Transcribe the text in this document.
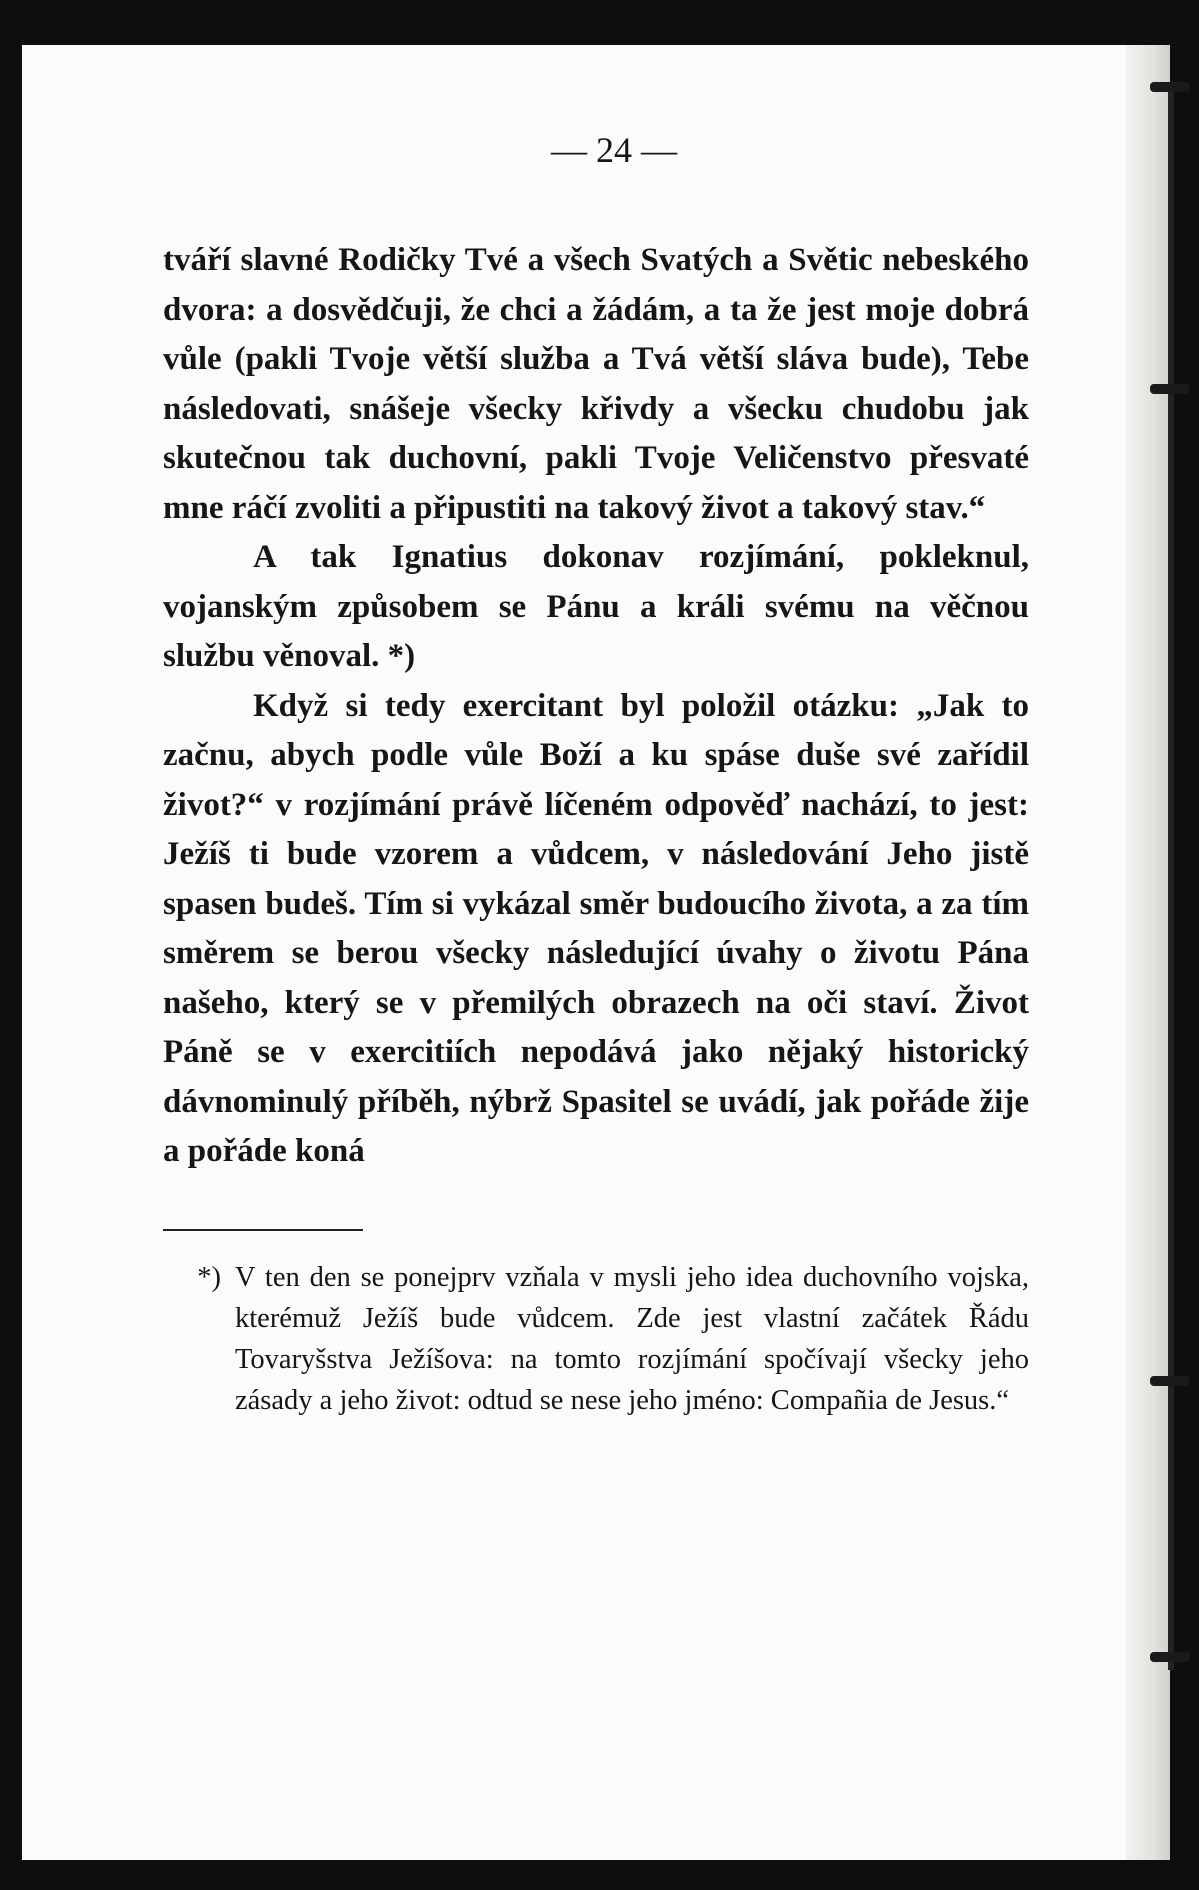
— 24 —

tváří slavné Rodičky Tvé a všech Svatých a Světic nebeského dvora: a dosvědčuji, že chci a žádám, a ta že jest moje dobrá vůle (pakli Tvoje větší služba a Tvá větší sláva bude), Tebe následovati, snášeje všecky křivdy a všecku chudobu jak skutečnou tak duchovní, pakli Tvoje Veličenstvo přesvaté mne ráčí zvoliti a připustiti na takový život a takový stav.“

A tak Ignatius dokonav rozjímání, pokleknul, vojanským způsobem se Pánu a králi svému na věčnou službu věnoval. *)

Když si tedy exercitant byl položil otázku: „Jak to začnu, abych podle vůle Boží a ku spáse duše své zařídil život?“ v rozjímání právě líčeném odpověď nachází, to jest: Ježíš ti bude vzorem a vůdcem, v následování Jeho jistě spasen budeš. Tím si vykázal směr budoucího života, a za tím směrem se berou všecky následující úvahy o životu Pána našeho, který se v přemilých obrazech na oči staví. Život Páně se v exercitiích nepodává jako nějaký historický dávnominulý příběh, nýbrž Spasitel se uvádí, jak pořáde žije a pořáde koná

*) V ten den se ponejprv vzňala v mysli jeho idea duchovního vojska, kterémuž Ježíš bude vůdcem. Zde jest vlastní začátek Řádu Tovaryšstva Ježíšova: na tomto rozjímání spočívají všecky jeho zásady a jeho život: odtud se nese jeho jméno: Compañia de Jesus.“
